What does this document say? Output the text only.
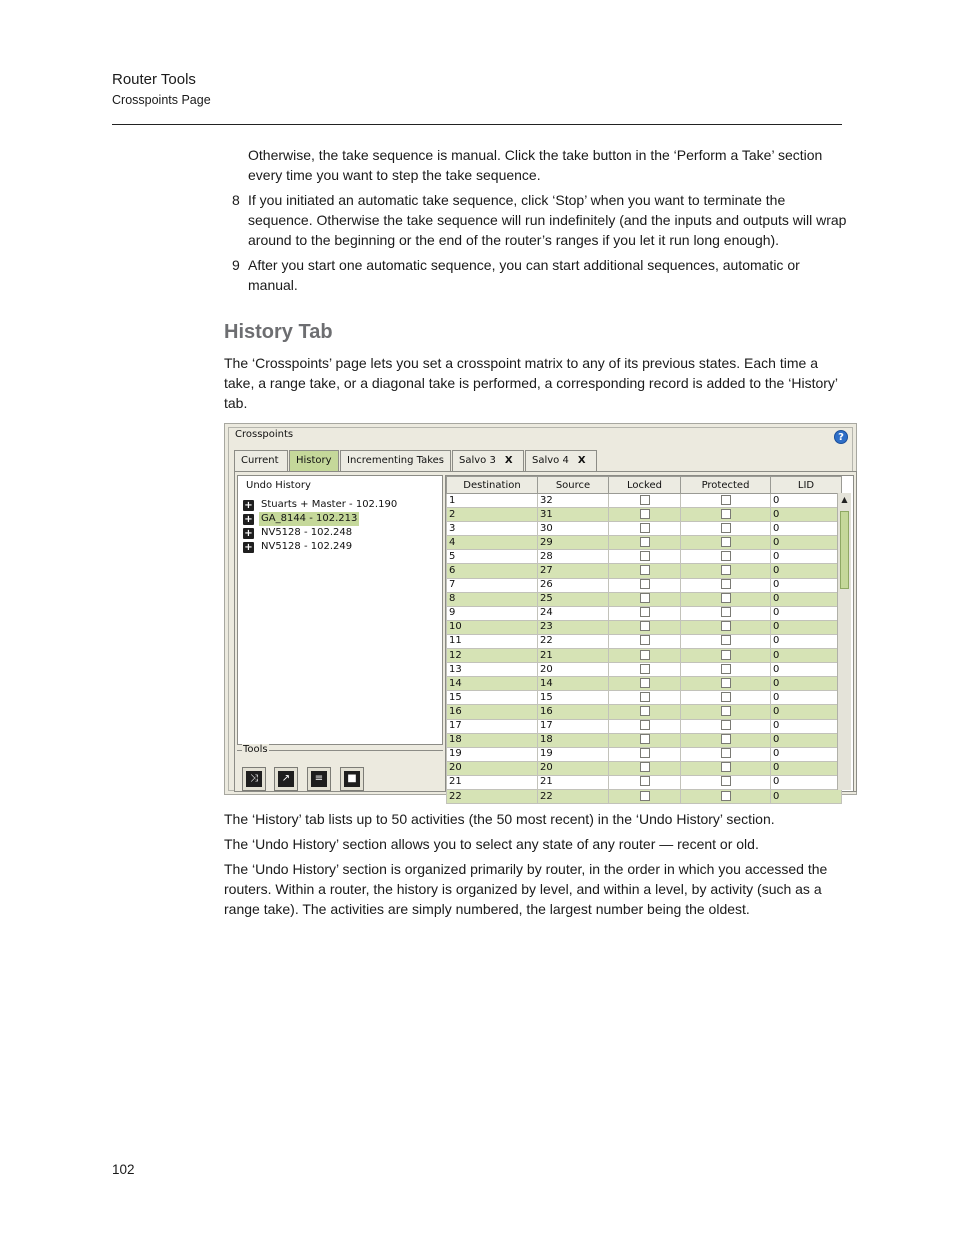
Router Tools
Crosspoints Page
Otherwise, the take sequence is manual. Click the take button in the ‘Perform a Take’ section every time you want to step the take sequence.
8 If you initiated an automatic take sequence, click ‘Stop’ when you want to terminate the sequence. Otherwise the take sequence will run indefinitely (and the inputs and outputs will wrap around to the beginning or the end of the router’s ranges if you let it run long enough).
9 After you start one automatic sequence, you can start additional sequences, automatic or manual.
History Tab
The ‘Crosspoints’ page lets you set a crosspoint matrix to any of its previous states. Each time a take, a range take, or a diagonal take is performed, a corresponding record is added to the ‘History’ tab.
Crosspoints	?
Current	History	Incrementing Takes	Salvo 3 X	Salvo 4 X
Undo History
+ Stuarts + Master - 102.190
+ GA_8144 - 102.213
+ NV5128 - 102.248
+ NV5128 - 102.249
Tools
⤨	↗	≡	■
Destination	Source	Locked	Protected	LID
1	32			0
2	31			0
3	30			0
4	29			0
5	28			0
6	27			0
7	26			0
8	25			0
9	24			0
10	23			0
11	22			0
12	21			0
13	20			0
14	14			0
15	15			0
16	16			0
17	17			0
18	18			0
19	19			0
20	20			0
21	21			0
22	22			0
▲
The ‘History’ tab lists up to 50 activities (the 50 most recent) in the ‘Undo History’ section.
The ‘Undo History’ section allows you to select any state of any router — recent or old.
The ‘Undo History’ section is organized primarily by router, in the order in which you accessed the routers. Within a router, the history is organized by level, and within a level, by activity (such as a range take). The activities are simply numbered, the largest number being the oldest.
102
